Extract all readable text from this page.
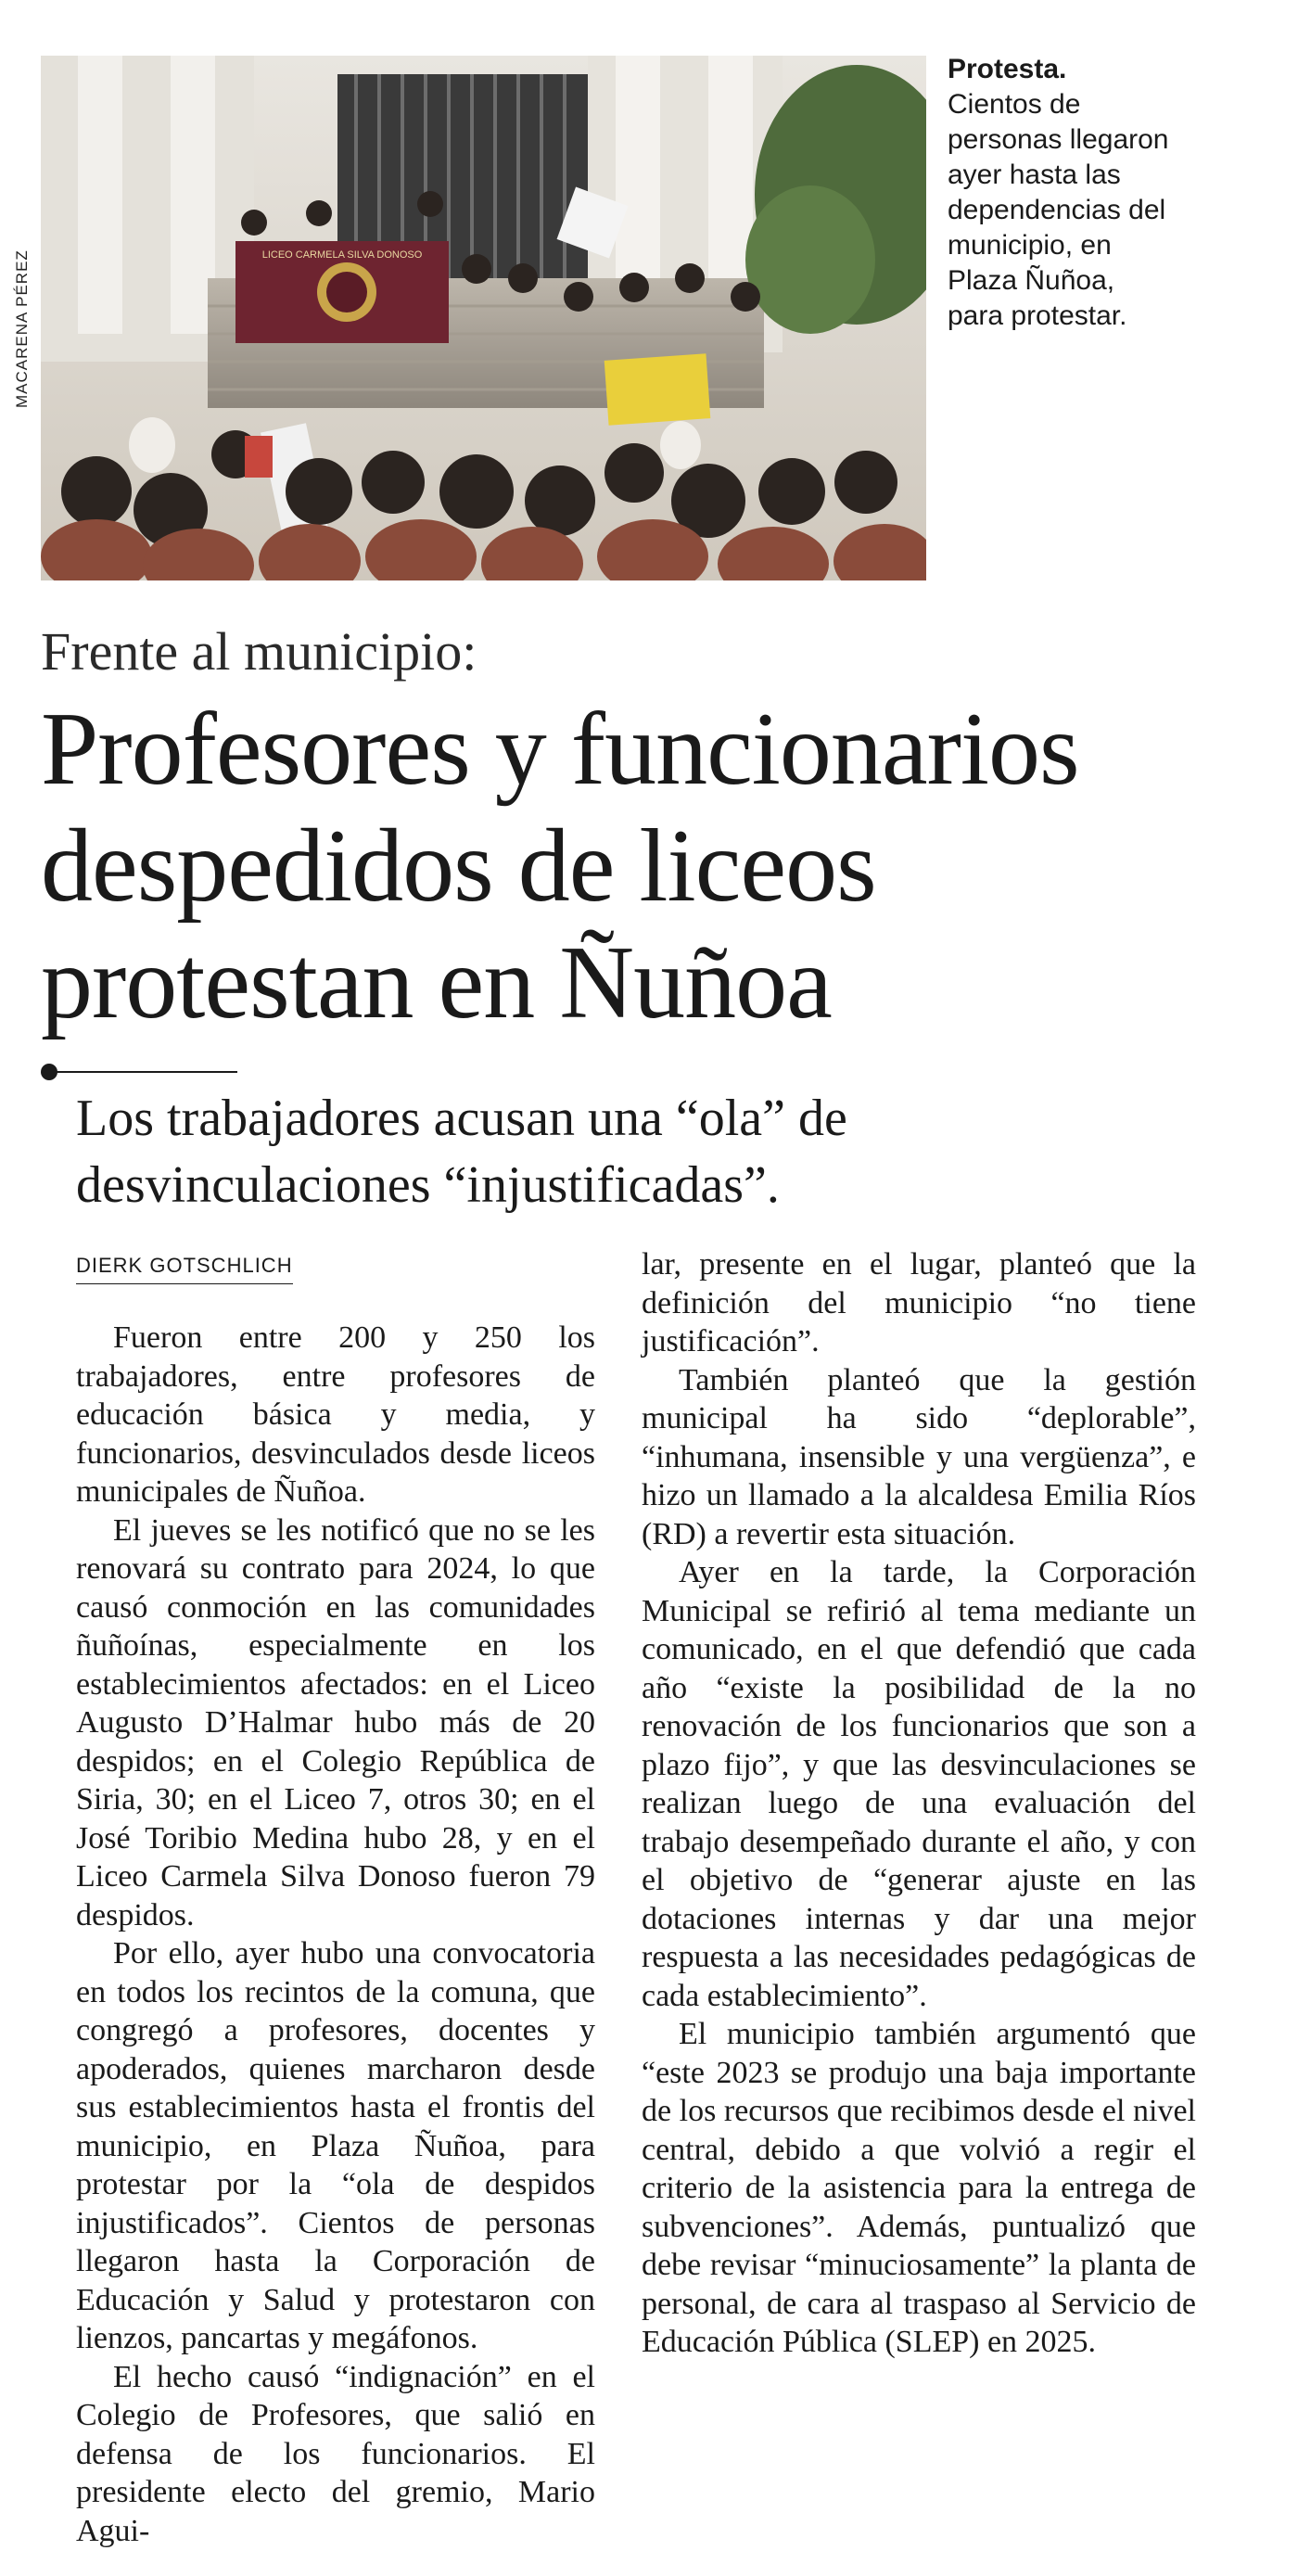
MACARENA PÉREZ	LICEO CARMELA SILVA DONOSO
Protesta.
Cientos de personas llegaron ayer hasta las dependencias del municipio, en Plaza Ñuñoa, para protestar.
Frente al municipio:
Profesores y funcionarios despedidos de liceos protestan en Ñuñoa
Los trabajadores acusan una “ola” de desvinculaciones “injustificadas”.
DIERK GOTSCHLICH

Fueron entre 200 y 250 los trabajadores, entre profesores de educación básica y media, y funcionarios, desvinculados desde liceos municipales de Ñuñoa.

El jueves se les notificó que no se les renovará su contrato para 2024, lo que causó conmoción en las comunidades ñuñoínas, especialmente en los establecimientos afectados: en el Liceo Augusto D’Halmar hubo más de 20 despidos; en el Colegio República de Siria, 30; en el Liceo 7, otros 30; en el José Toribio Medina hubo 28, y en el Liceo Carmela Silva Donoso fueron 79 despidos.

Por ello, ayer hubo una convocatoria en todos los recintos de la comuna, que congregó a profesores, docentes y apoderados, quienes marcharon desde sus establecimientos hasta el frontis del municipio, en Plaza Ñuñoa, para protestar por la “ola de despidos injustificados”. Cientos de personas llegaron hasta la Corporación de Educación y Salud y protestaron con lienzos, pancartas y megáfonos.

El hecho causó “indignación” en el Colegio de Profesores, que salió en defensa de los funcionarios. El presidente electo del gremio, Mario Agui-

lar, presente en el lugar, planteó que la definición del municipio “no tiene justificación”.

También planteó que la gestión municipal ha sido “deplorable”, “inhumana, insensible y una vergüenza”, e hizo un llamado a la alcaldesa Emilia Ríos (RD) a revertir esta situación.

Ayer en la tarde, la Corporación Municipal se refirió al tema mediante un comunicado, en el que defendió que cada año “existe la posibilidad de la no renovación de los funcionarios que son a plazo fijo”, y que las desvinculaciones se realizan luego de una evaluación del trabajo desempeñado durante el año, y con el objetivo de “generar ajuste en las dotaciones internas y dar una mejor respuesta a las necesidades pedagógicas de cada establecimiento”.

El municipio también argumentó que “este 2023 se produjo una baja importante de los recursos que recibimos desde el nivel central, debido a que volvió a regir el criterio de la asistencia para la entrega de subvenciones”. Además, puntualizó que debe revisar “minuciosamente” la planta de personal, de cara al traspaso al Servicio de Educación Pública (SLEP) en 2025.
